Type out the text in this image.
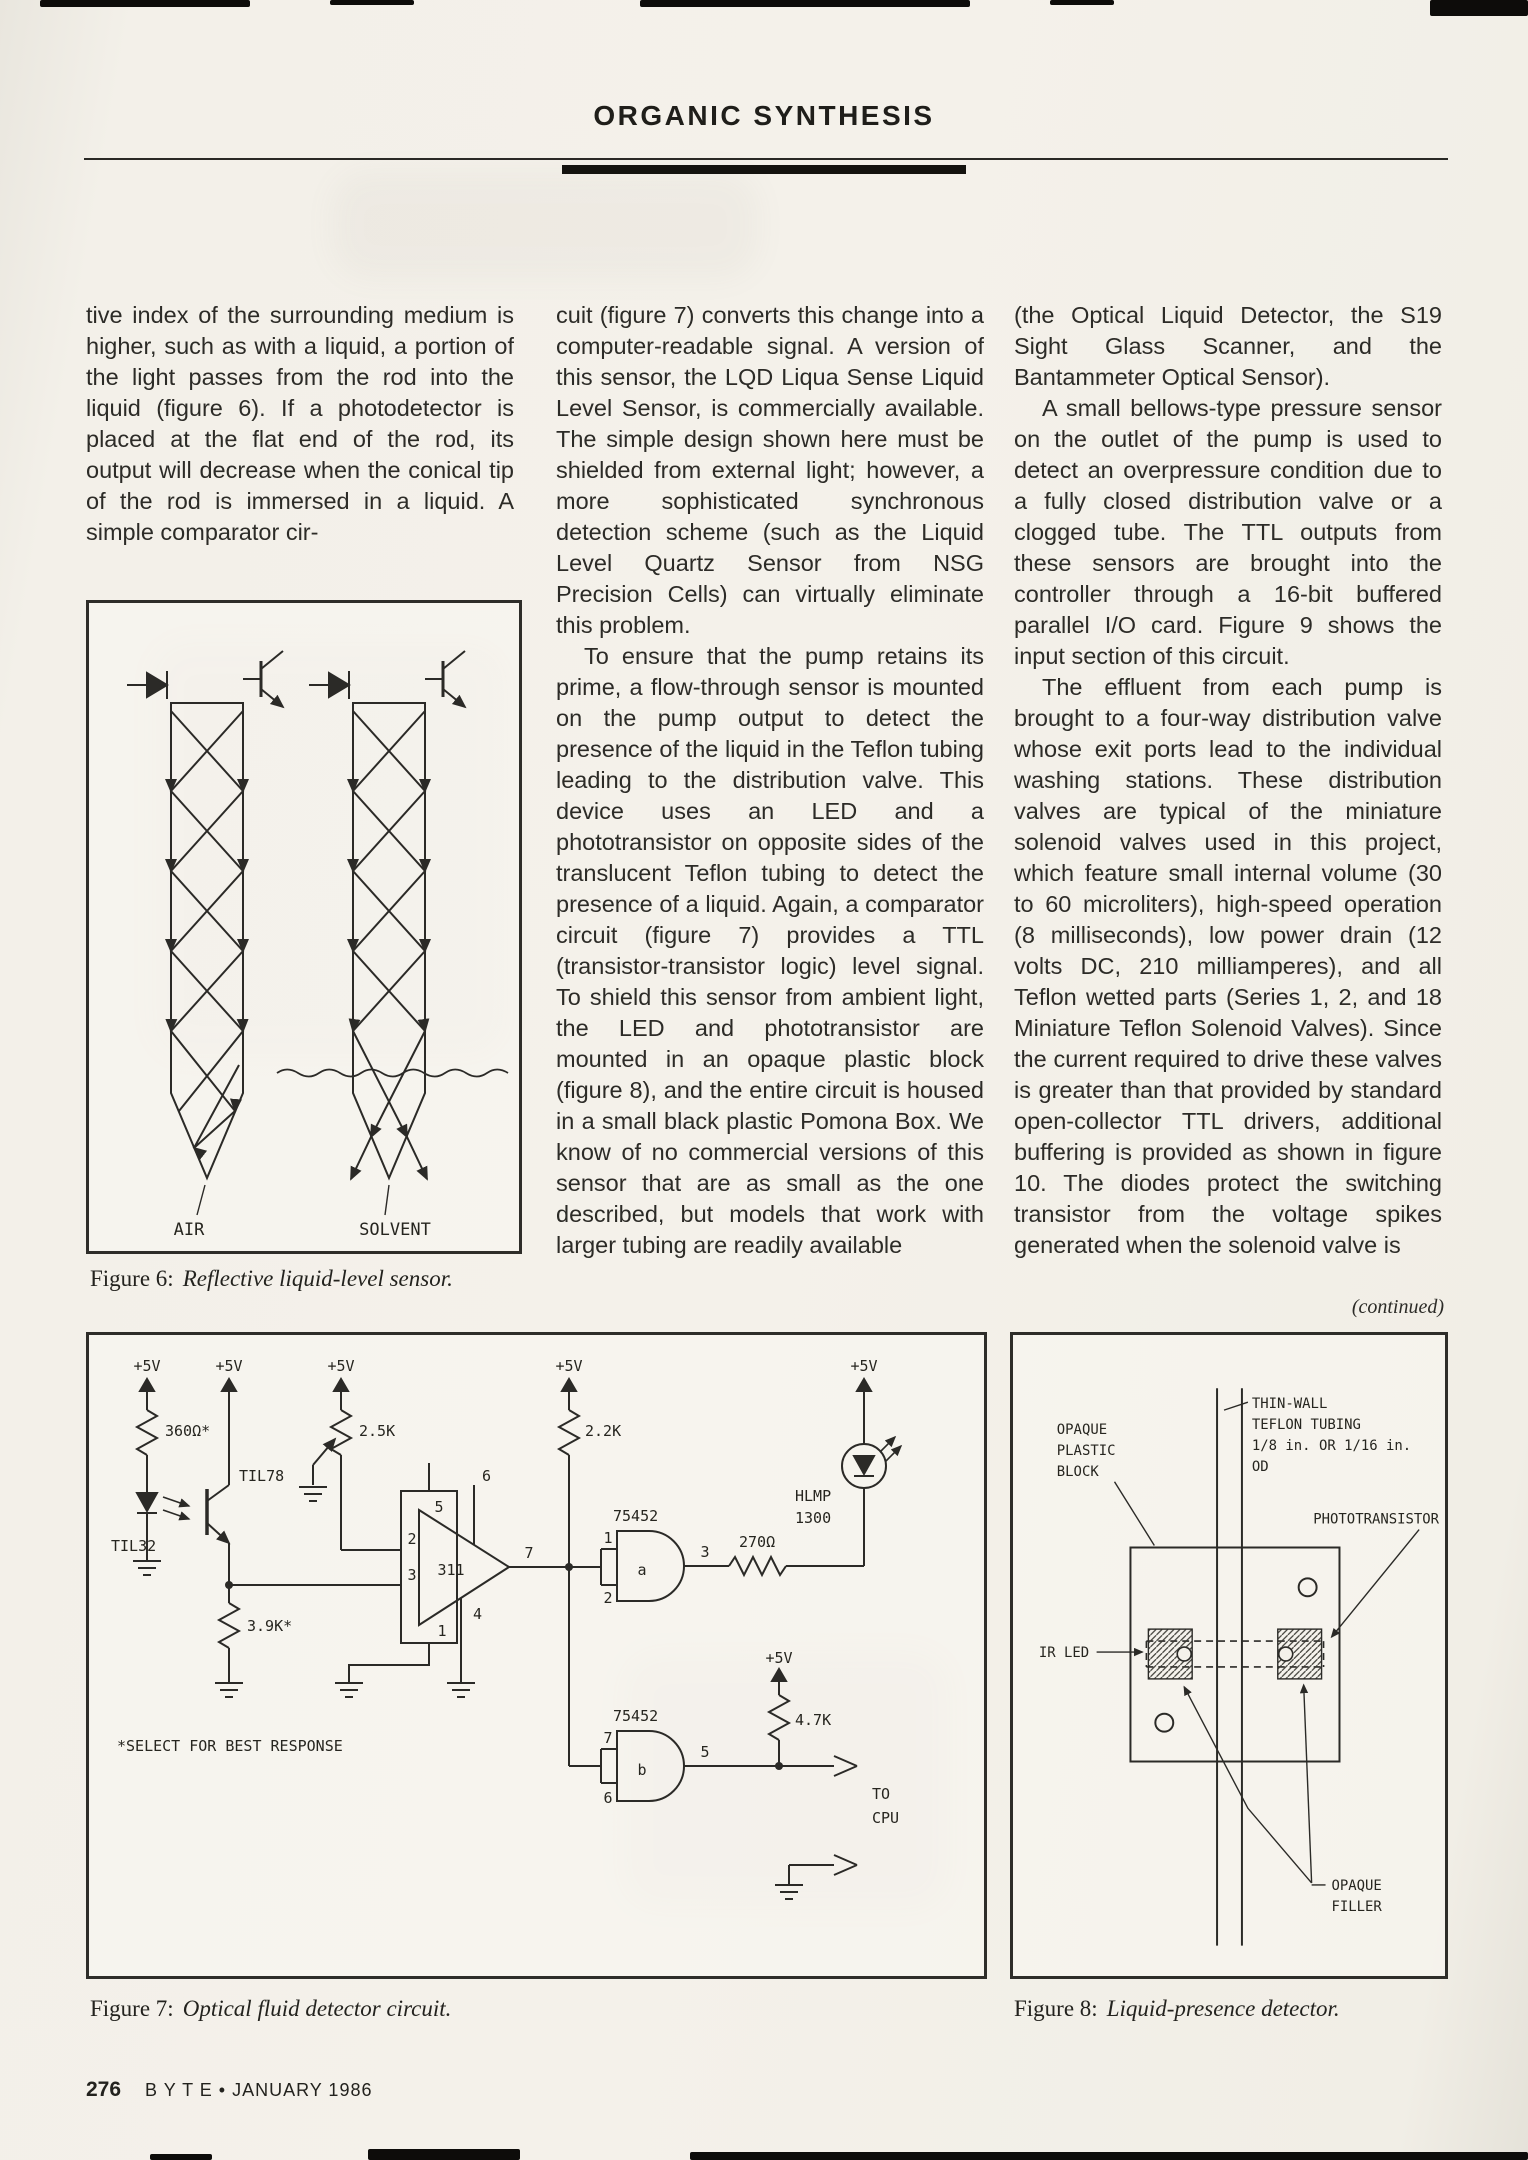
ORGANIC SYNTHESIS

tive index of the surrounding medium is higher, such as with a liquid, a portion of the light passes from the rod into the liquid (figure 6). If a photodetector is placed at the flat end of the rod, its output will decrease when the conical tip of the rod is immersed in a liquid. A simple comparator cir-

cuit (figure 7) converts this change into a computer-readable signal. A version of this sensor, the LQD Liqua Sense Liquid Level Sensor, is commercially available. The simple design shown here must be shielded from external light; however, a more sophisticated synchronous detection scheme (such as the Liquid Level Quartz Sensor from NSG Precision Cells) can virtually eliminate this problem.

To ensure that the pump retains its prime, a flow-through sensor is mounted on the pump output to detect the presence of the liquid in the Teflon tubing leading to the distribution valve. This device uses an LED and a phototransistor on opposite sides of the translucent Teflon tubing to detect the presence of a liquid. Again, a comparator circuit (figure 7) provides a TTL (transistor-transistor logic) level signal. To shield this sensor from ambient light, the LED and phototransistor are mounted in an opaque plastic block (figure 8), and the entire circuit is housed in a small black plastic Pomona Box. We know of no commercial versions of this sensor that are as small as the one described, but models that work with larger tubing are readily available

(the Optical Liquid Detector, the S19 Sight Glass Scanner, and the Bantammeter Optical Sensor).

A small bellows-type pressure sensor on the outlet of the pump is used to detect an overpressure condition due to a fully closed distribution valve or a clogged tube. The TTL outputs from these sensors are brought into the controller through a 16-bit buffered parallel I/O card. Figure 9 shows the input section of this circuit.

The effluent from each pump is brought to a four-way distribution valve whose exit ports lead to the individual washing stations. These distribution valves are typical of the miniature solenoid valves used in this project, which feature small internal volume (30 to 60 microliters), high-speed operation (8 milliseconds), low power drain (12 volts DC, 210 milliamperes), and all Teflon wetted parts (Series 1, 2, and 18 Miniature Teflon Solenoid Valves). Since the current required to drive these valves is greater than that provided by standard open-collector TTL drivers, additional buffering is provided as shown in figure 10. The diodes protect the switching transistor from the voltage spikes generated when the solenoid valve is

(continued)
AIR	SOLVENT

Figure 6: Reflective liquid-level sensor.

+5V	+5V	+5V	+5V	+5V
+5V
360Ω*	2.5K	2.2K
3.9K*
270Ω
4.7K
TIL32
TIL78
311
75452
75452
a
b
HLMP
1300
5
2
3
1
6
7
4
1
2
3
7
6
5
TO
CPU
*SELECT FOR BEST RESPONSE

Figure 7: Optical fluid detector circuit.

OPAQUE
PLASTIC
BLOCK
THIN-WALL
TEFLON TUBING
1/8 in. OR 1/16 in.
OD
PHOTOTRANSISTOR
IR LED
OPAQUE
FILLER

Figure 8: Liquid-presence detector.

276 B Y T E • JANUARY 1986
